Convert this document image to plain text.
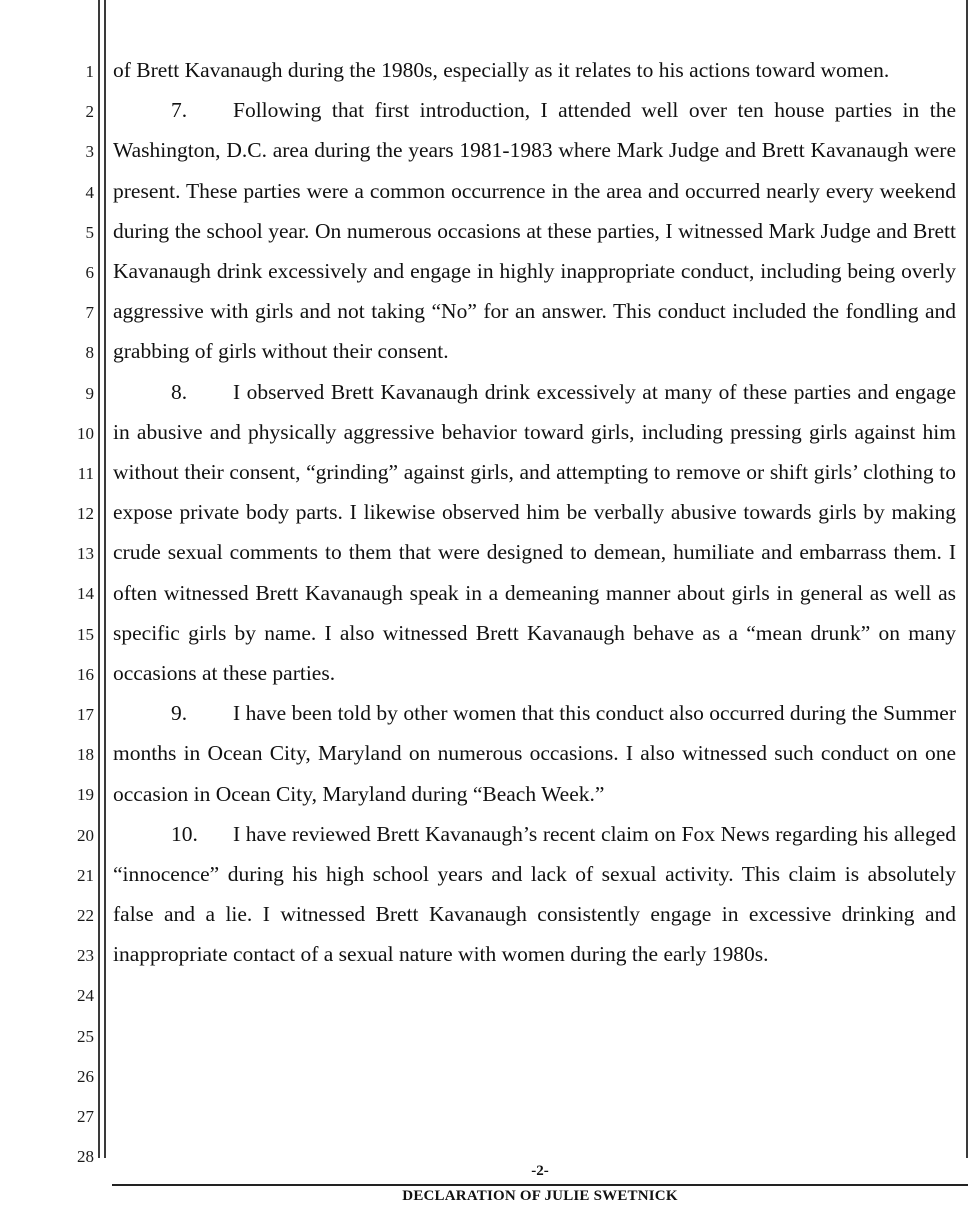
1
2
3
4
5
6
7
8
9
10
11
12
13
14
15
16
17
18
19
20
21
22
23
24
25
26
27
28

of Brett Kavanaugh during the 1980s, especially as it relates to his actions toward women.

7. Following that first introduction, I attended well over ten house parties in the Washington, D.C. area during the years 1981-1983 where Mark Judge and Brett Kavanaugh were present. These parties were a common occurrence in the area and occurred nearly every weekend during the school year. On numerous occasions at these parties, I witnessed Mark Judge and Brett Kavanaugh drink excessively and engage in highly inappropriate conduct, including being overly aggressive with girls and not taking “No” for an answer. This conduct included the fondling and grabbing of girls without their consent.

8. I observed Brett Kavanaugh drink excessively at many of these parties and engage in abusive and physically aggressive behavior toward girls, including pressing girls against him without their consent, “grinding” against girls, and attempting to remove or shift girls’ clothing to expose private body parts. I likewise observed him be verbally abusive towards girls by making crude sexual comments to them that were designed to demean, humiliate and embarrass them. I often witnessed Brett Kavanaugh speak in a demeaning manner about girls in general as well as specific girls by name. I also witnessed Brett Kavanaugh behave as a “mean drunk” on many occasions at these parties.

9. I have been told by other women that this conduct also occurred during the Summer months in Ocean City, Maryland on numerous occasions. I also witnessed such conduct on one occasion in Ocean City, Maryland during “Beach Week.”

10. I have reviewed Brett Kavanaugh’s recent claim on Fox News regarding his alleged “innocence” during his high school years and lack of sexual activity. This claim is absolutely false and a lie. I witnessed Brett Kavanaugh consistently engage in excessive drinking and inappropriate contact of a sexual nature with women during the early 1980s.

-2-
DECLARATION OF JULIE SWETNICK
